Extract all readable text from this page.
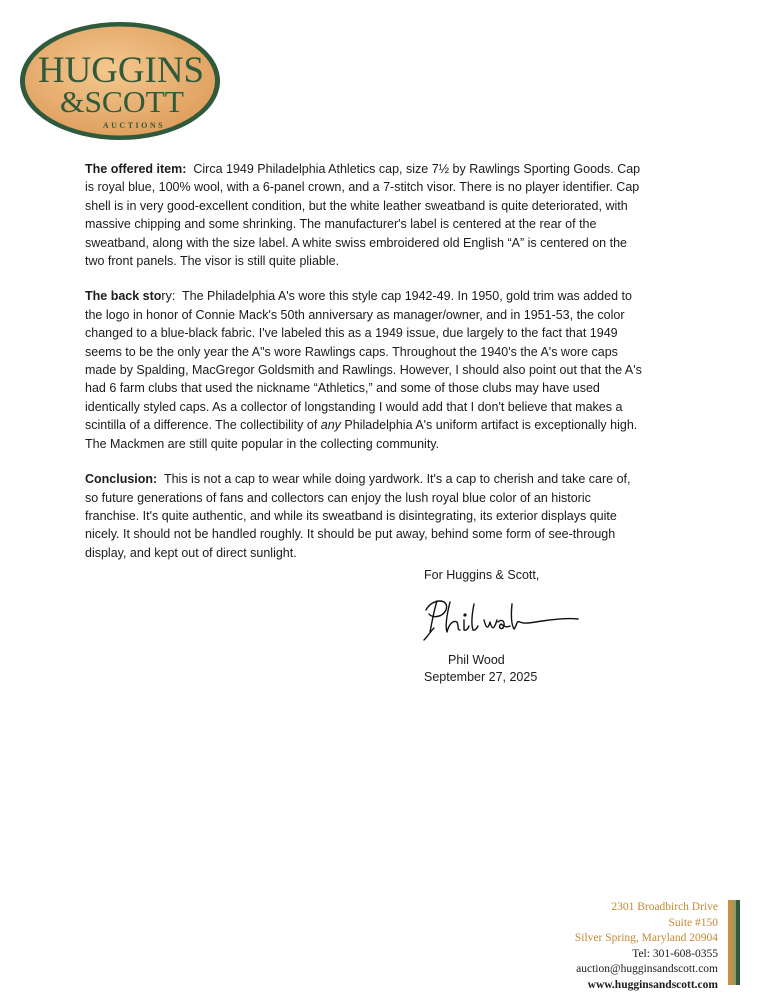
HUGGINS
&SCOTT
AUCTIONS

The offered item: Circa 1949 Philadelphia Athletics cap, size 7½ by Rawlings Sporting Goods. Cap is royal blue, 100% wool, with a 6-panel crown, and a 7-stitch visor. There is no player identifier. Cap shell is in very good-excellent condition, but the white leather sweatband is quite deteriorated, with massive chipping and some shrinking. The manufacturer's label is centered at the rear of the sweatband, along with the size label. A white swiss embroidered old English “A” is centered on the two front panels. The visor is still quite pliable.

The back story: The Philadelphia A's wore this style cap 1942-49. In 1950, gold trim was added to the logo in honor of Connie Mack's 50th anniversary as manager/owner, and in 1951-53, the color changed to a blue-black fabric. I've labeled this as a 1949 issue, due largely to the fact that 1949 seems to be the only year the A"s wore Rawlings caps. Throughout the 1940's the A's wore caps made by Spalding, MacGregor Goldsmith and Rawlings. However, I should also point out that the A's had 6 farm clubs that used the nickname “Athletics,” and some of those clubs may have used identically styled caps. As a collector of longstanding I would add that I don't believe that makes a scintilla of a difference. The collectibility of any Philadelphia A's uniform artifact is exceptionally high. The Mackmen are still quite popular in the collecting community.

Conclusion: This is not a cap to wear while doing yardwork. It's a cap to cherish and take care of, so future generations of fans and collectors can enjoy the lush royal blue color of an historic franchise. It's quite authentic, and while its sweatband is disintegrating, its exterior displays quite nicely. It should not be handled roughly. It should be put away, behind some form of see-through display, and kept out of direct sunlight.

For Huggins & Scott,
Phil Wood
September 27, 2025
2301 Broadbirch Drive
Suite #150
Silver Spring, Maryland 20904
Tel: 301-608-0355
auction@hugginsandscott.com
www.hugginsandscott.com
